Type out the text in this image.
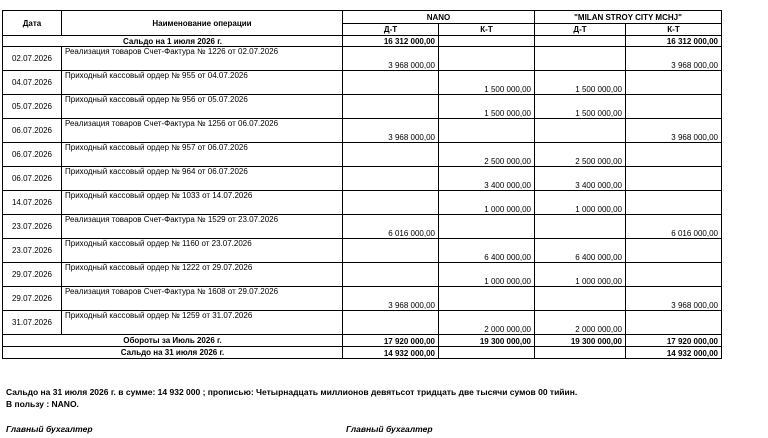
Дата	Наименование операции	NANO		"MILAN STROY CITY MCHJ"	
		Д-Т	К-Т	Д-Т	К-Т
Сальдо на 1 июля 2026 г.		16 312 000,00			16 312 000,00
02.07.2026	Реализация товаров Счет-Фактура № 1226 от 02.07.2026	3 968 000,00			3 968 000,00
04.07.2026	Приходный кассовый ордер № 955 от 04.07.2026		1 500 000,00	1 500 000,00	
05.07.2026	Приходный кассовый ордер № 956 от 05.07.2026		1 500 000,00	1 500 000,00	
06.07.2026	Реализация товаров Счет-Фактура № 1256 от 06.07.2026	3 968 000,00			3 968 000,00
06.07.2026	Приходный кассовый ордер № 957 от 06.07.2026		2 500 000,00	2 500 000,00	
06.07.2026	Приходный кассовый ордер № 964 от 06.07.2026		3 400 000,00	3 400 000,00	
14.07.2026	Приходный кассовый ордер № 1033 от 14.07.2026		1 000 000,00	1 000 000,00	
23.07.2026	Реализация товаров Счет-Фактура № 1529 от 23.07.2026	6 016 000,00			6 016 000,00
23.07.2026	Приходный кассовый ордер № 1160 от 23.07.2026		6 400 000,00	6 400 000,00	
29.07.2026	Приходный кассовый ордер № 1222 от 29.07.2026		1 000 000,00	1 000 000,00	
29.07.2026	Реализация товаров Счет-Фактура № 1608 от 29.07.2026	3 968 000,00			3 968 000,00
31.07.2026	Приходный кассовый ордер № 1259 от 31.07.2026		2 000 000,00	2 000 000,00	
Обороты за Июль 2026 г.		17 920 000,00	19 300 000,00	19 300 000,00	17 920 000,00
Сальдо на 31 июля 2026 г.		14 932 000,00			14 932 000,00
Сальдо на 31 июля 2026 г. в сумме: 14 932 000 ; прописью: Четырнадцать миллионов девятьсот тридцать две тысячи сумов 00 тийин.
В пользу : NANO.
Главный бухгалтер	Главный бухгалтер
